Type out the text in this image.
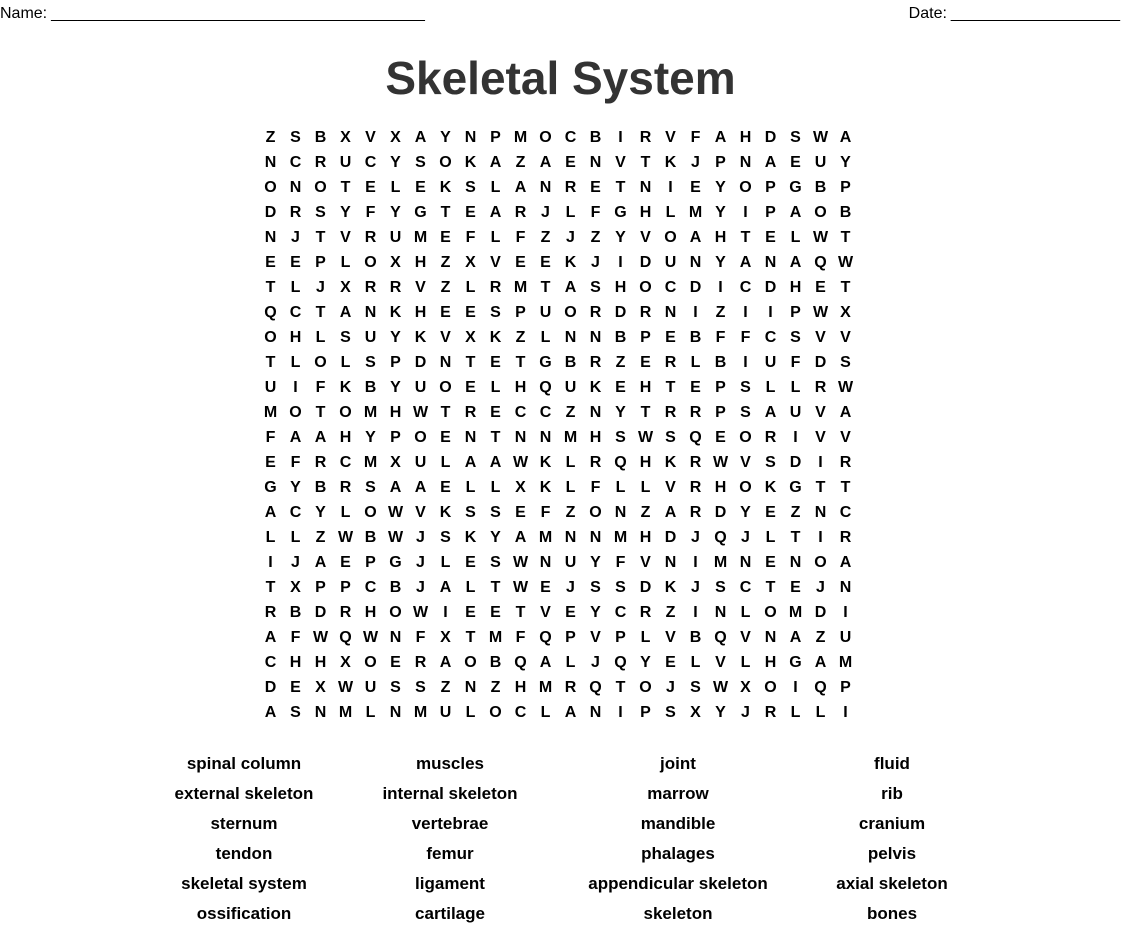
Name: __________________________________________	Date: ___________________
Skeletal System
Z S B X V X A Y N P M O C B	I	R V F A H D S W A
N C R U C Y S O K A Z A E N V T K J P N A E U Y
O N O T E L E K S L A N R E T N	I	E Y O P G B P
D R S Y F Y G T E A R J L F G H L M Y	I	P A O B
N J T V R U M E F L F Z J Z Y V O A H T E L W T
E E P L O X H Z X V E E K J	I	D U N Y A N A Q W
T L J X R R V Z L R M T A S H O C D	I	C D H E T
Q C T A N K H E E S P U O R D R N	I	Z	I	I	P W X
O H L S U Y K V X K Z L N N B P E B F F C S V V
T L O L S P D N T E T G B R Z E R L B	I	U F D S
U	I	F K B Y U O E L H Q U K E H T E P S L L R W
M O T O M H W T R E C C Z N Y T R R P S A U V A
F A A H Y P O E N T N N M H S W S Q E O R	I	V V
E F R C M X U L A A W K L R Q H K R W V S D	I	R
G Y B R S A A E L L X K L F L L V R H O K G T T
A C Y L O W V K S S E F Z O N Z A R D Y E Z N C
L L Z W B W J S K Y A M N N M H D J Q J L T	I	R
I	J A E P G J L E S W N U Y F V N	I	M N E N O A
T X P P C B J A L T W E J S S D K J S C T E J N
R B D R H O W I	E E T V E Y C R Z	I	N L O M D	I
A F W Q W N F X T M F Q P V P L V B Q V N A Z U
C H H X O E R A O B Q A L J Q Y E L V L H G A M
D E X W U S S Z N Z H M R Q T O J S W X O	I	Q P
A S N M L N M U L O C L A N	I	P S X Y J R L L	I
spinal column	muscles	joint	fluid
external skeleton	internal skeleton	marrow	rib
sternum	vertebrae	mandible	cranium
tendon	femur	phalages	pelvis
skeletal system	ligament	appendicular skeleton	axial skeleton
ossification	cartilage	skeleton	bones
